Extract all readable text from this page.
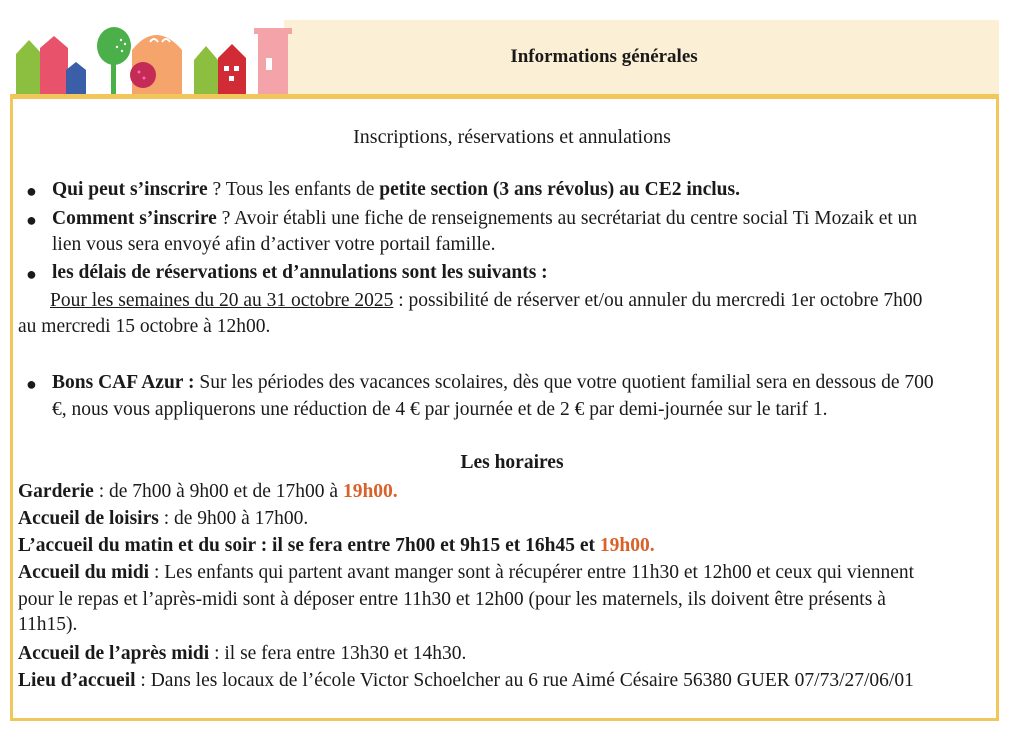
Informations générales
Inscriptions, réservations et annulations
● Qui peut s’inscrire ? Tous les enfants de petite section (3 ans révolus) au CE2 inclus.
● Comment s’inscrire ? Avoir établi une fiche de renseignements au secrétariat du centre social Ti Mozaik et un
lien vous sera envoyé afin d’activer votre portail famille.
● les délais de réservations et d’annulations sont les suivants :
Pour les semaines du 20 au 31 octobre 2025 : possibilité de réserver et/ou annuler du mercredi 1er octobre 7h00
au mercredi 15 octobre à 12h00.
● Bons CAF Azur : Sur les périodes des vacances scolaires, dès que votre quotient familial sera en dessous de 700
€, nous vous appliquerons une réduction de 4 € par journée et de 2 € par demi-journée sur le tarif 1.
Les horaires
Garderie : de 7h00 à 9h00 et de 17h00 à 19h00.
Accueil de loisirs : de 9h00 à 17h00.
L’accueil du matin et du soir : il se fera entre 7h00 et 9h15 et 16h45 et 19h00.
Accueil du midi : Les enfants qui partent avant manger sont à récupérer entre 11h30 et 12h00 et ceux qui viennent
pour le repas et l’après-midi sont à déposer entre 11h30 et 12h00 (pour les maternels, ils doivent être présents à
11h15).
Accueil de l’après midi : il se fera entre 13h30 et 14h30.
Lieu d’accueil : Dans les locaux de l’école Victor Schoelcher au 6 rue Aimé Césaire 56380 GUER 07/73/27/06/01
